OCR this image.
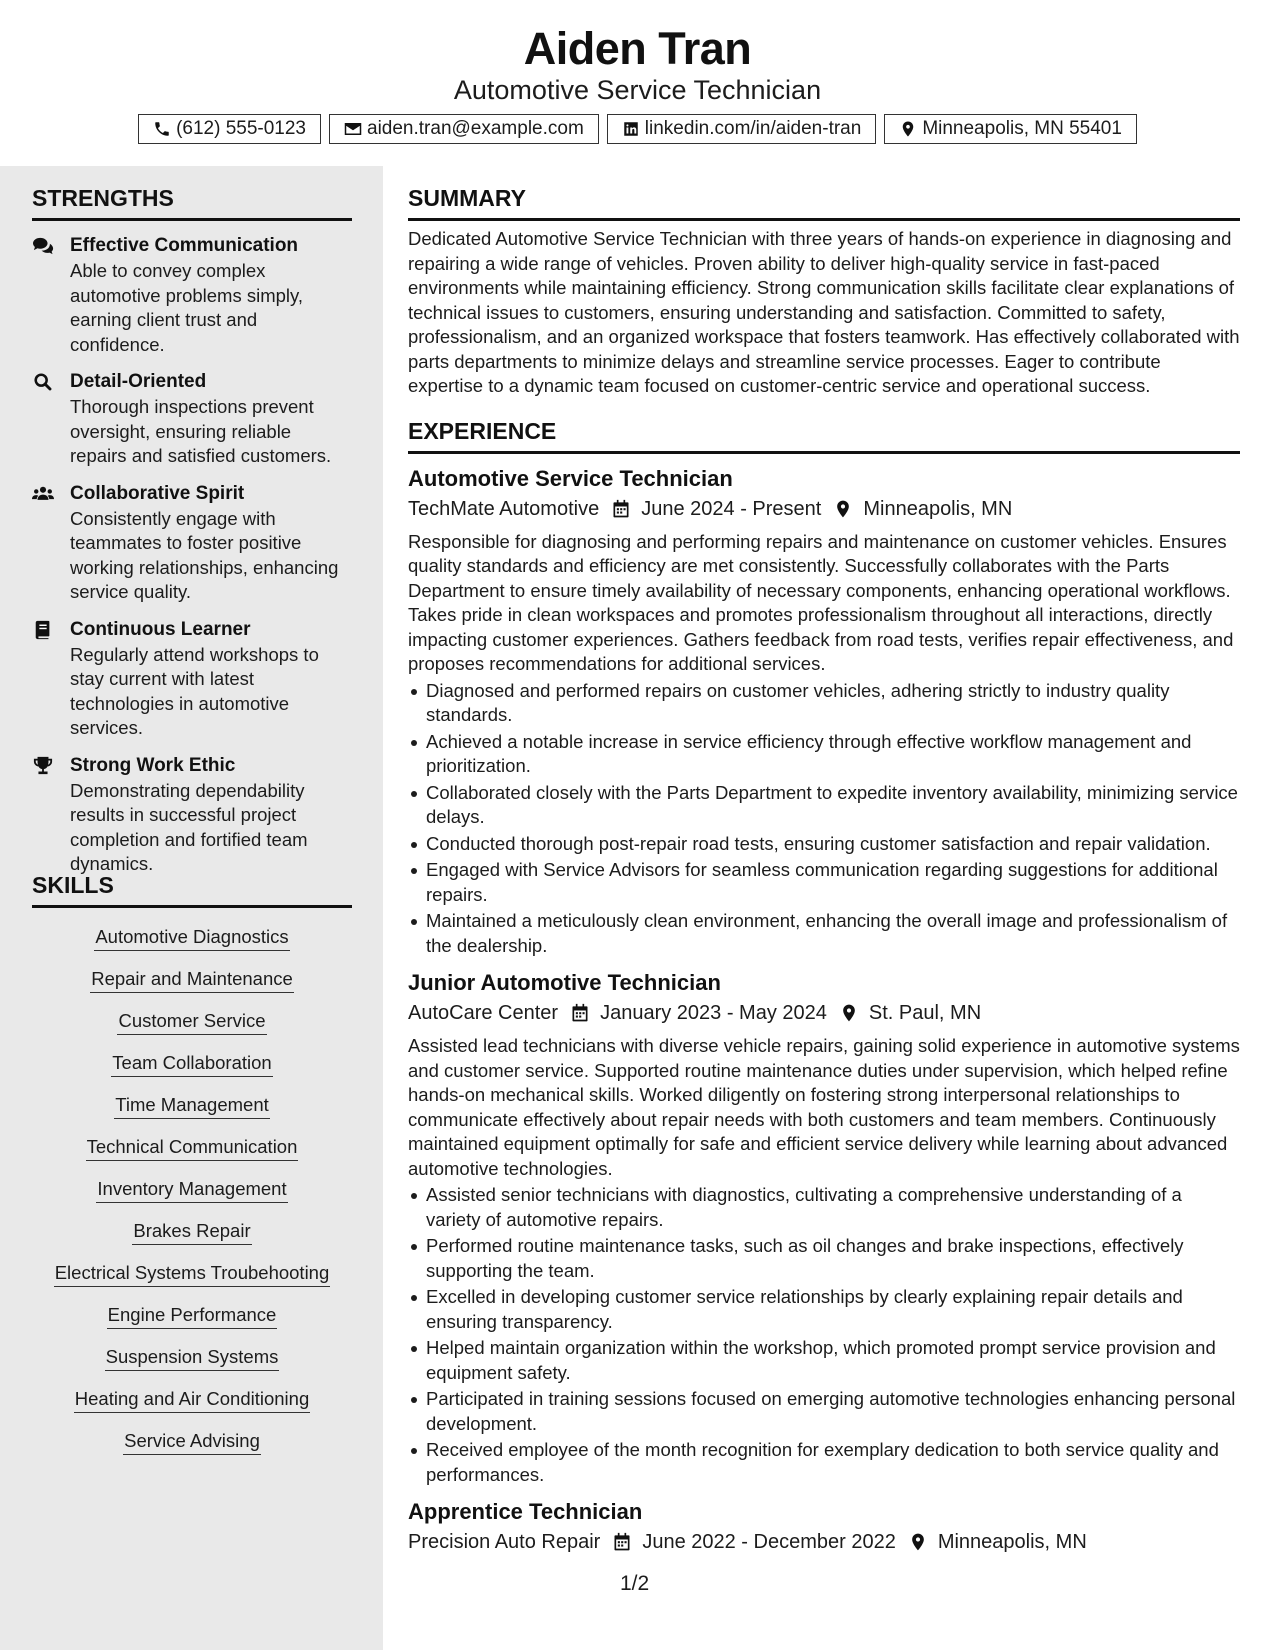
Aiden Tran
Automotive Service Technician
(612) 555-0123	aiden.tran@example.com	linkedin.com/in/aiden-tran	Minneapolis, MN 55401
STRENGTHS
Effective Communication
Able to convey complex automotive problems simply, earning client trust and confidence.
Detail-Oriented
Thorough inspections prevent oversight, ensuring reliable repairs and satisfied customers.
Collaborative Spirit
Consistently engage with teammates to foster positive working relationships, enhancing service quality.
Continuous Learner
Regularly attend workshops to stay current with latest technologies in automotive services.
Strong Work Ethic
Demonstrating dependability results in successful project completion and fortified team dynamics.
SKILLS
Automotive Diagnostics
Repair and Maintenance
Customer Service
Team Collaboration
Time Management
Technical Communication
Inventory Management
Brakes Repair
Electrical Systems Troubehooting
Engine Performance
Suspension Systems
Heating and Air Conditioning
Service Advising
SUMMARY
Dedicated Automotive Service Technician with three years of hands-on experience in diagnosing and repairing a wide range of vehicles. Proven ability to deliver high-quality service in fast-paced environments while maintaining efficiency. Strong communication skills facilitate clear explanations of technical issues to customers, ensuring understanding and satisfaction. Committed to safety, professionalism, and an organized workspace that fosters teamwork. Has effectively collaborated with parts departments to minimize delays and streamline service processes. Eager to contribute expertise to a dynamic team focused on customer-centric service and operational success.
EXPERIENCE
Automotive Service Technician
TechMate Automotive June 2024 - Present Minneapolis, MN
Responsible for diagnosing and performing repairs and maintenance on customer vehicles. Ensures quality standards and efficiency are met consistently. Successfully collaborates with the Parts Department to ensure timely availability of necessary components, enhancing operational workflows. Takes pride in clean workspaces and promotes professionalism throughout all interactions, directly impacting customer experiences. Gathers feedback from road tests, verifies repair effectiveness, and proposes recommendations for additional services.
Diagnosed and performed repairs on customer vehicles, adhering strictly to industry quality standards.
Achieved a notable increase in service efficiency through effective workflow management and prioritization.
Collaborated closely with the Parts Department to expedite inventory availability, minimizing service delays.
Conducted thorough post-repair road tests, ensuring customer satisfaction and repair validation.
Engaged with Service Advisors for seamless communication regarding suggestions for additional repairs.
Maintained a meticulously clean environment, enhancing the overall image and professionalism of the dealership.
Junior Automotive Technician
AutoCare Center January 2023 - May 2024 St. Paul, MN
Assisted lead technicians with diverse vehicle repairs, gaining solid experience in automotive systems and customer service. Supported routine maintenance duties under supervision, which helped refine hands-on mechanical skills. Worked diligently on fostering strong interpersonal relationships to communicate effectively about repair needs with both customers and team members. Continuously maintained equipment optimally for safe and efficient service delivery while learning about advanced automotive technologies.
Assisted senior technicians with diagnostics, cultivating a comprehensive understanding of a variety of automotive repairs.
Performed routine maintenance tasks, such as oil changes and brake inspections, effectively supporting the team.
Excelled in developing customer service relationships by clearly explaining repair details and ensuring transparency.
Helped maintain organization within the workshop, which promoted prompt service provision and equipment safety.
Participated in training sessions focused on emerging automotive technologies enhancing personal development.
Received employee of the month recognition for exemplary dedication to both service quality and performances.
Apprentice Technician
Precision Auto Repair June 2022 - December 2022 Minneapolis, MN
1/2
